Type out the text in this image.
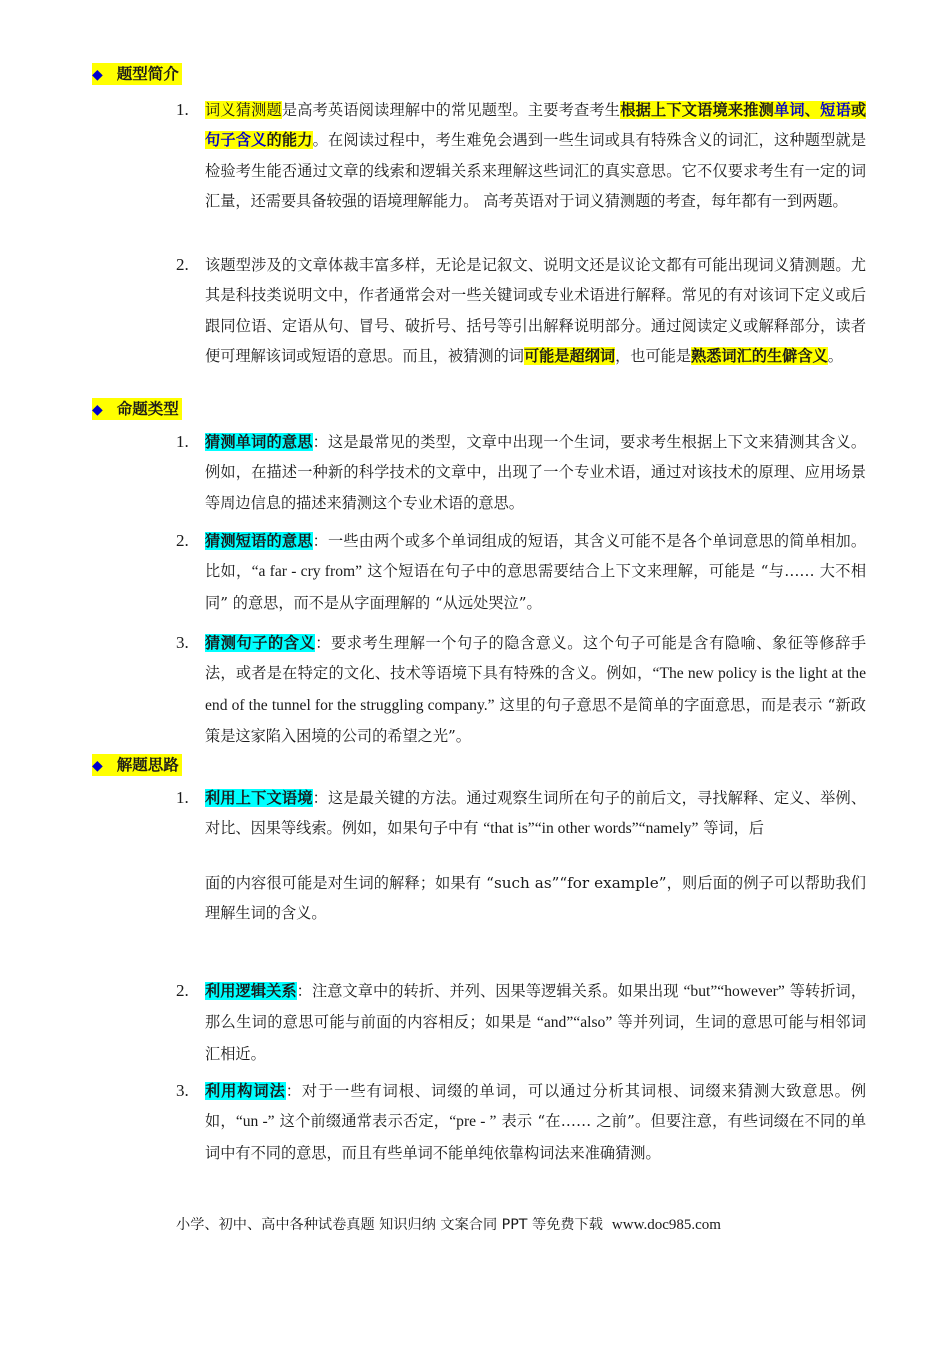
◆ 题型简介
1.	词义猜测题是高考英语阅读理解中的常见题型。主要考查考生根据上下文语境来推测单词、短语或句子含义的能力。在阅读过程中，考生难免会遇到一些生词或具有特殊含义的词汇，这种题型就是检验考生能否通过文章的线索和逻辑关系来理解这些词汇的真实意思。它不仅要求考生有一定的词汇量，还需要具备较强的语境理解能力。 高考英语对于词义猜测题的考查，每年都有一到两题。
2.	该题型涉及的文章体裁丰富多样，无论是记叙文、说明文还是议论文都有可能出现词义猜测题。尤其是科技类说明文中，作者通常会对一些关键词或专业术语进行解释。常见的有对该词下定义或后跟同位语、定语从句、冒号、破折号、括号等引出解释说明部分。通过阅读定义或解释部分，读者便可理解该词或短语的意思。而且，被猜测的词可能是超纲词，也可能是熟悉词汇的生僻含义。
◆ 命题类型
1.	猜测单词的意思：这是最常见的类型，文章中出现一个生词，要求考生根据上下文来猜测其含义。例如，在描述一种新的科学技术的文章中，出现了一个专业术语，通过对该技术的原理、应用场景等周边信息的描述来猜测这个专业术语的意思。
2.	猜测短语的意思：一些由两个或多个单词组成的短语，其含义可能不是各个单词意思的简单相加。比如，“a far - cry from” 这个短语在句子中的意思需要结合上下文来理解，可能是 “与…… 大不相同” 的意思，而不是从字面理解的 “从远处哭泣”。
3.	猜测句子的含义：要求考生理解一个句子的隐含意义。这个句子可能是含有隐喻、象征等修辞手法，或者是在特定的文化、技术等语境下具有特殊的含义。例如，“The new policy is the light at the end of the tunnel for the struggling company.” 这里的句子意思不是简单的字面意思，而是表示 “新政策是这家陷入困境的公司的希望之光”。
◆ 解题思路
1.	利用上下文语境：这是最关键的方法。通过观察生词所在句子的前后文，寻找解释、定义、举例、对比、因果等线索。例如，如果句子中有 “that is”“in other words”“namely” 等词，后
面的内容很可能是对生词的解释；如果有 “such as”“for example”，则后面的例子可以帮助我们理解生词的含义。
2.	利用逻辑关系：注意文章中的转折、并列、因果等逻辑关系。如果出现 “but”“however” 等转折词，那么生词的意思可能与前面的内容相反；如果是 “and”“also” 等并列词，生词的意思可能与相邻词汇相近。
3.	利用构词法：对于一些有词根、词缀的单词，可以通过分析其词根、词缀来猜测大致意思。例如，“un -” 这个前缀通常表示否定，“pre - ” 表示 “在…… 之前”。但要注意，有些词缀在不同的单词中有不同的意思，而且有些单词不能单纯依靠构词法来准确猜测。
小学、初中、高中各种试卷真题 知识归纳 文案合同 PPT 等免费下载 www.doc985.com
